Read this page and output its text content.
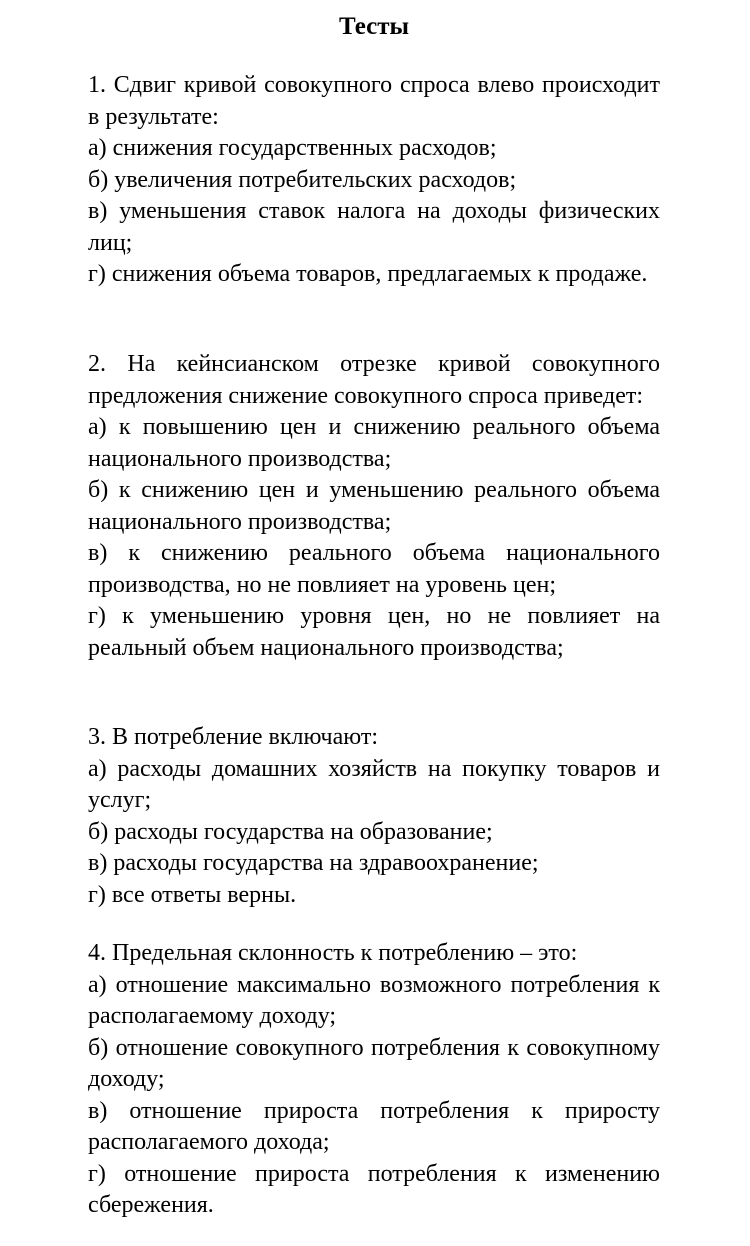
Тесты

1. Сдвиг кривой совокупного спроса влево происходит в результате:

а) снижения государственных расходов;

б) увеличения потребительских расходов;

в) уменьшения ставок налога на доходы физических лиц;

г) снижения объема товаров, предлагаемых к продаже.

2. На кейнсианском отрезке кривой совокупного предложения снижение совокупного спроса приведет:

а) к повышению цен и снижению реального объема национального производства;

б) к снижению цен и уменьшению реального объема национального производства;

в) к снижению реального объема национального производства, но не повлияет на уровень цен;

г) к уменьшению уровня цен, но не повлияет на реальный объем национального производства;

3. В потребление включают:

а) расходы домашних хозяйств на покупку товаров и услуг;

б) расходы государства на образование;

в) расходы государства на здравоохранение;

г) все ответы верны.

4. Предельная склонность к потреблению – это:

а) отношение максимально возможного потребления к располагаемому доходу;

б) отношение совокупного потребления к совокупному доходу;

в) отношение прироста потребления к приросту располагаемого дохода;

г) отношение прироста потребления к изменению сбережения.
